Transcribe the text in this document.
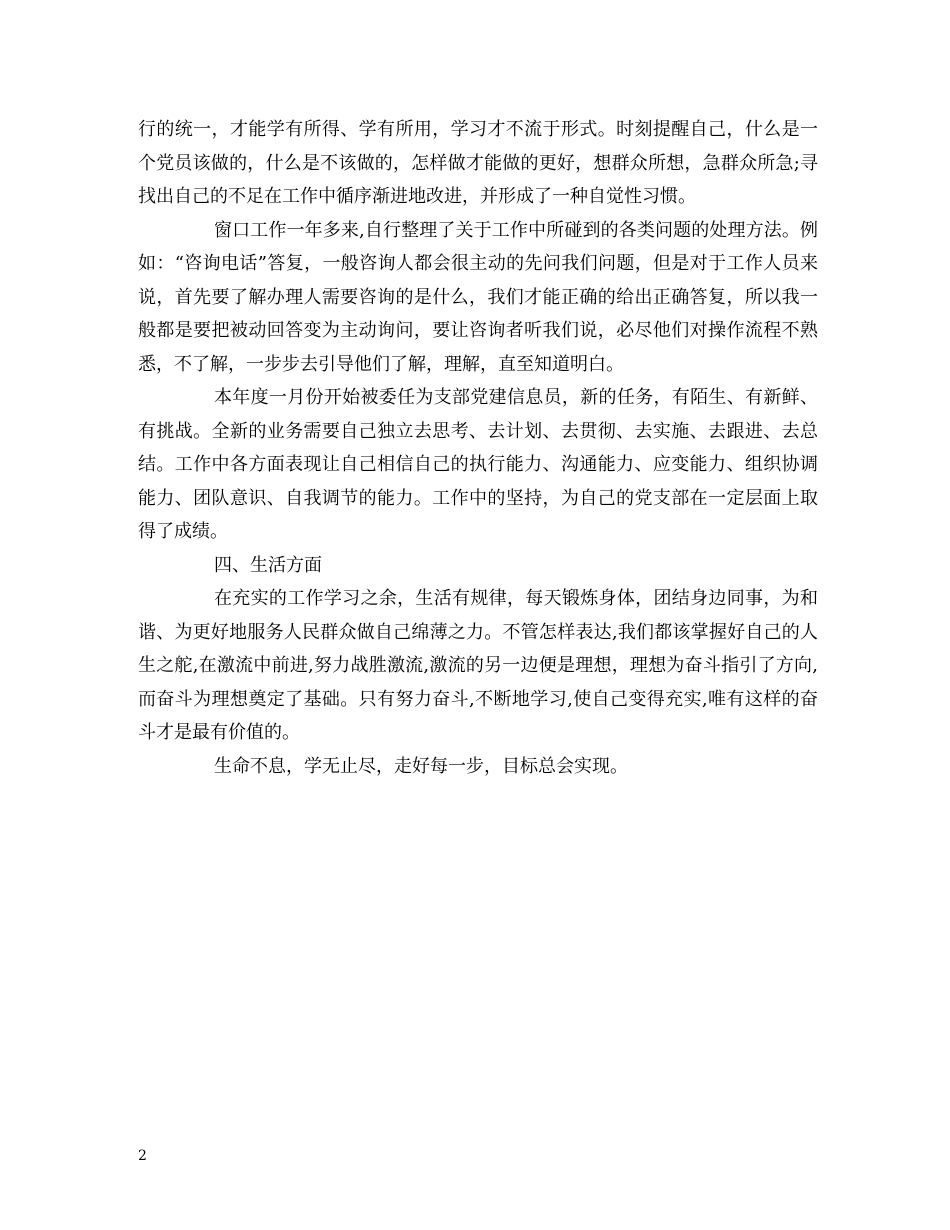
行的统一，才能学有所得、学有所用，学习才不流于形式。时刻提醒自己，什么是一个党员该做的，什么是不该做的，怎样做才能做的更好，想群众所想，急群众所急;寻找出自己的不足在工作中循序渐进地改进，并形成了一种自觉性习惯。

窗口工作一年多来,自行整理了关于工作中所碰到的各类问题的处理方法。例如：“咨询电话”答复，一般咨询人都会很主动的先问我们问题，但是对于工作人员来说，首先要了解办理人需要咨询的是什么，我们才能正确的给出正确答复，所以我一般都是要把被动回答变为主动询问，要让咨询者听我们说，必尽他们对操作流程不熟悉，不了解，一步步去引导他们了解，理解，直至知道明白。

本年度一月份开始被委任为支部党建信息员，新的任务，有陌生、有新鲜、有挑战。全新的业务需要自己独立去思考、去计划、去贯彻、去实施、去跟进、去总结。工作中各方面表现让自己相信自己的执行能力、沟通能力、应变能力、组织协调能力、团队意识、自我调节的能力。工作中的坚持，为自己的党支部在一定层面上取得了成绩。

四、生活方面

在充实的工作学习之余，生活有规律，每天锻炼身体，团结身边同事，为和谐、为更好地服务人民群众做自己绵薄之力。不管怎样表达,我们都该掌握好自己的人生之舵,在激流中前进,努力战胜激流,激流的另一边便是理想，理想为奋斗指引了方向,而奋斗为理想奠定了基础。只有努力奋斗,不断地学习,使自己变得充实,唯有这样的奋斗才是最有价值的。

生命不息，学无止尽，走好每一步，目标总会实现。

2
